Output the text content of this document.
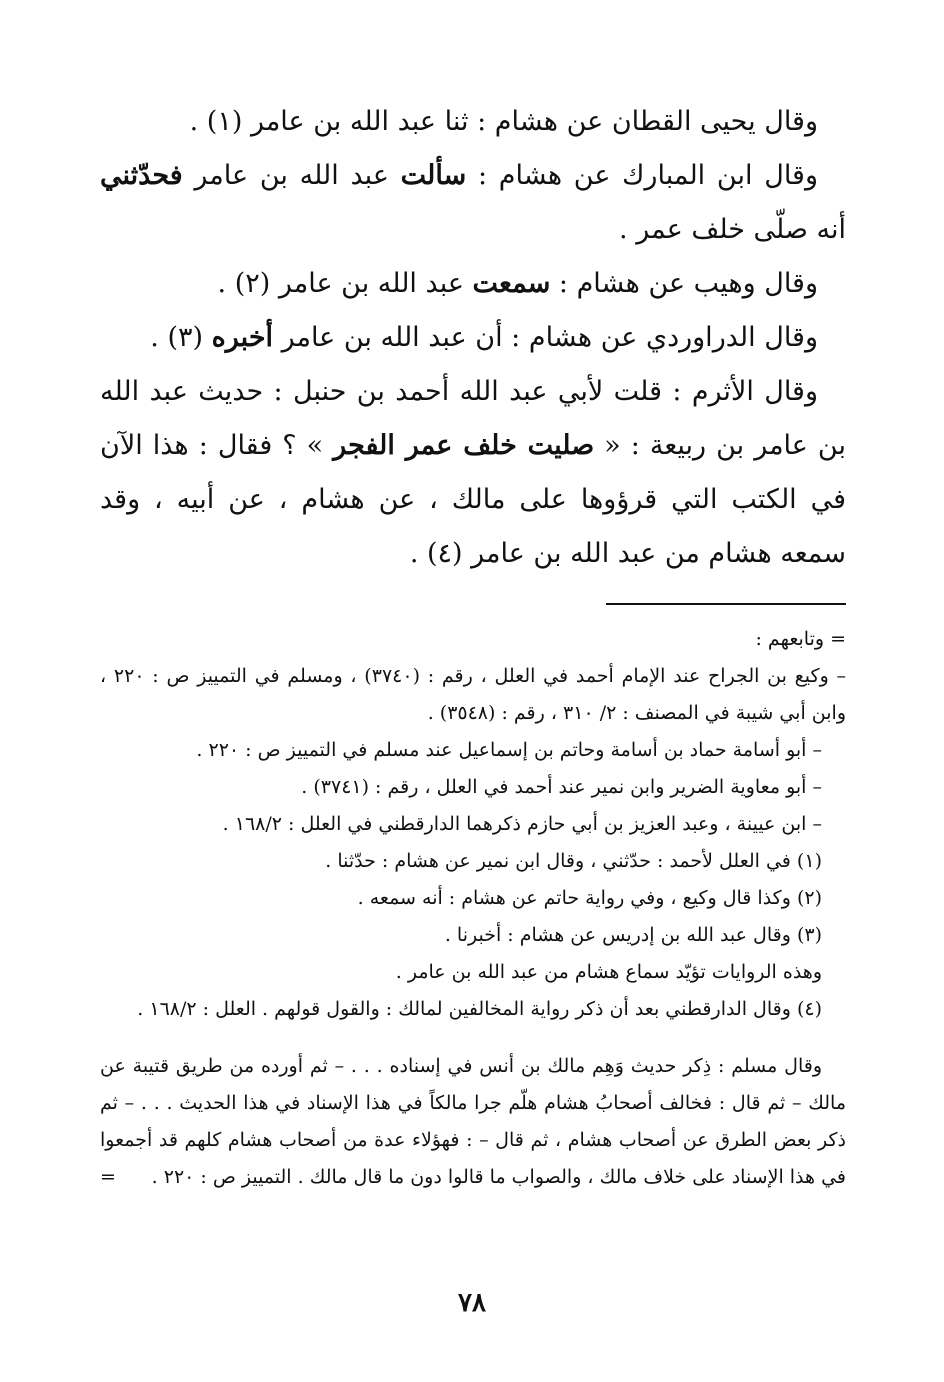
وقال يحيى القطان عن هشام : ثنا عبد الله بن عامر (١) .

وقال ابن المبارك عن هشام : سألت عبد الله بن عامر فحدّثني أنه صلّى خلف عمر .

وقال وهيب عن هشام : سمعت عبد الله بن عامر (٢) .

وقال الدراوردي عن هشام : أن عبد الله بن عامر أخبره (٣) .

وقال الأثرم : قلت لأبي عبد الله أحمد بن حنبل : حديث عبد الله بن عامر بن ربيعة : « صليت خلف عمر الفجر » ؟ فقال : هذا الآن في الكتب التي قرؤوها على مالك ، عن هشام ، عن أبيه ، وقد سمعه هشام من عبد الله بن عامر (٤) .

= وتابعهم :

– وكيع بن الجراح عند الإمام أحمد في العلل ، رقم : (٣٧٤٠) ، ومسلم في التمييز ص : ٢٢٠ ، وابن أبي شيبة في المصنف : ٢/ ٣١٠ ، رقم : (٣٥٤٨) .

– أبو أسامة حماد بن أسامة وحاتم بن إسماعيل عند مسلم في التمييز ص : ٢٢٠ .

– أبو معاوية الضرير وابن نمير عند أحمد في العلل ، رقم : (٣٧٤١) .

– ابن عيينة ، وعبد العزيز بن أبي حازم ذكرهما الدارقطني في العلل : ١٦٨/٢ .

(١) في العلل لأحمد : حدّثني ، وقال ابن نمير عن هشام : حدّثنا .

(٢) وكذا قال وكيع ، وفي رواية حاتم عن هشام : أنه سمعه .

(٣) وقال عبد الله بن إدريس عن هشام : أخبرنا .

وهذه الروايات تؤيّد سماع هشام من عبد الله بن عامر .

(٤) وقال الدارقطني بعد أن ذكر رواية المخالفين لمالك : والقول قولهم . العلل : ١٦٨/٢ .

وقال مسلم : ذِكر حديث وَهِم مالك بن أنس في إسناده . . . – ثم أورده من طريق قتيبة عن مالك – ثم قال : فخالف أصحابُ هشام هلّم جرا مالكاً في هذا الإسناد في هذا الحديث . . . – ثم ذكر بعض الطرق عن أصحاب هشام ، ثم قال – : فهؤلاء عدة من أصحاب هشام كلهم قد أجمعوا في هذا الإسناد على خلاف مالك ، والصواب ما قالوا دون ما قال مالك . التمييز ص : ٢٢٠ .
=

٧٨
